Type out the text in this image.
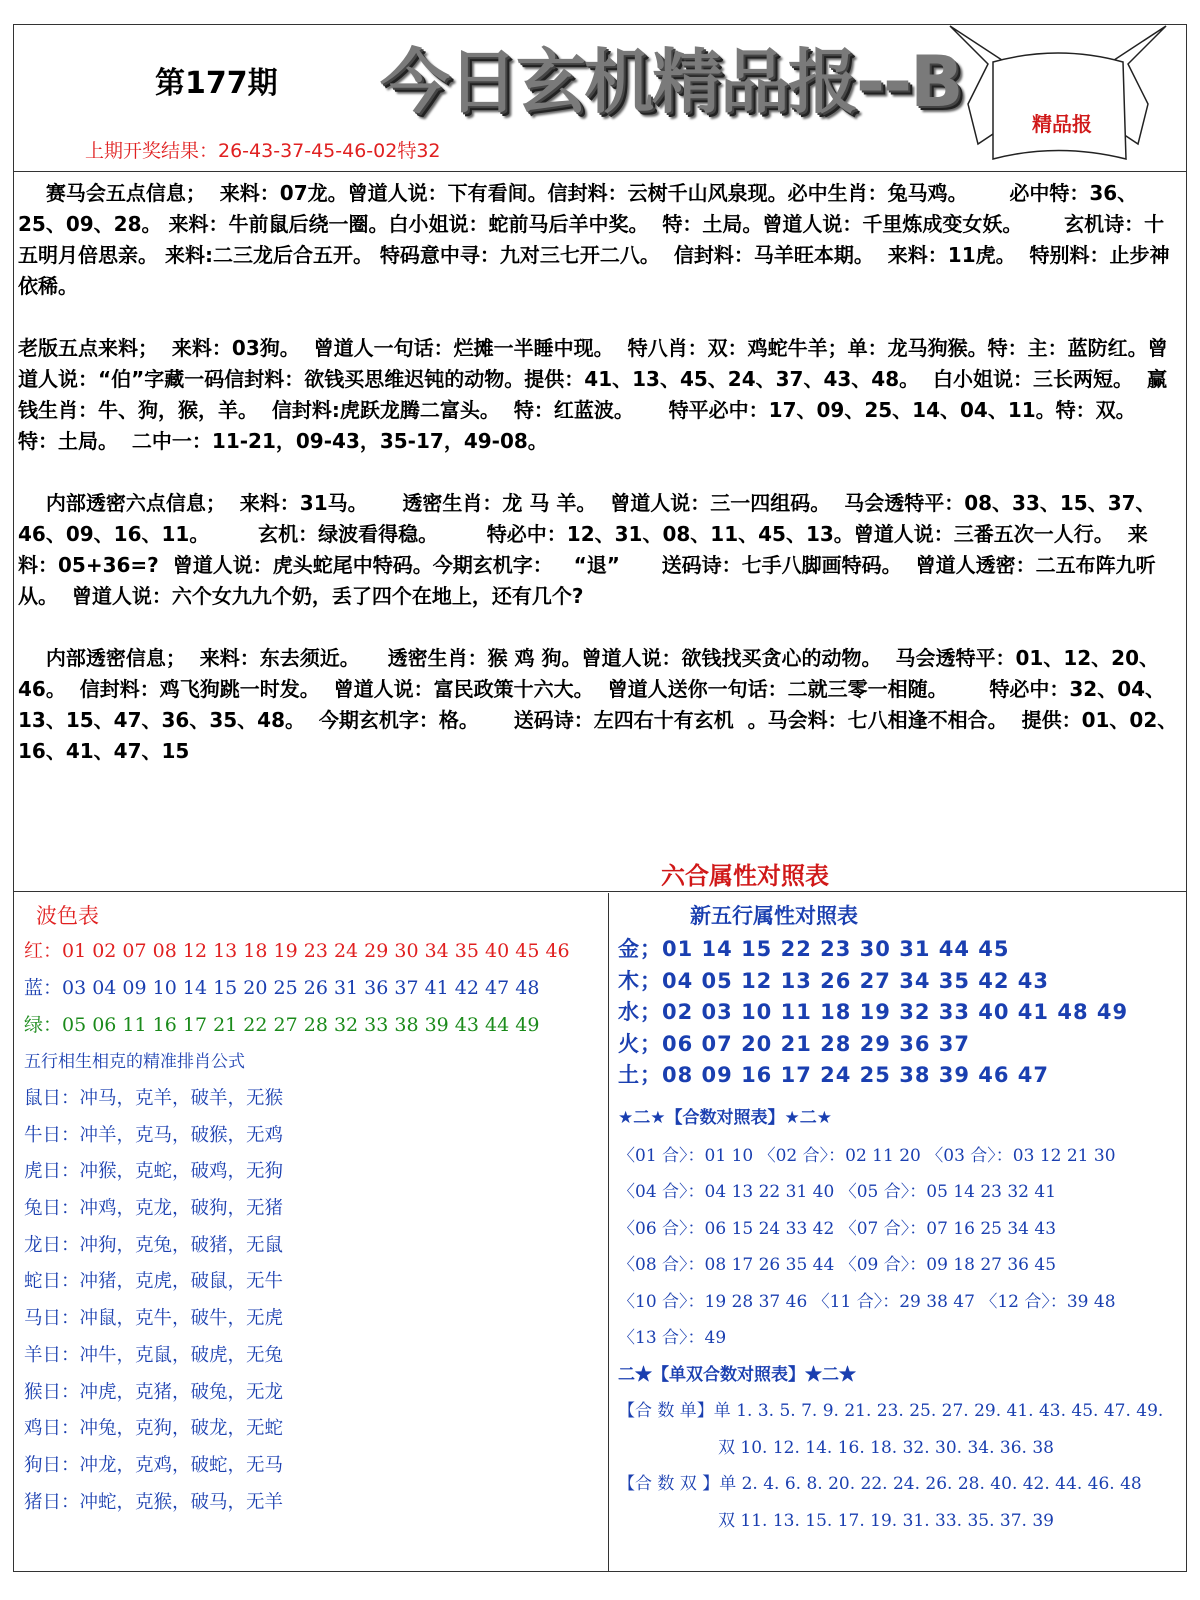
第177期 今日玄机精品报--B
精品报
上期开奖结果：26-43-37-45-46-02特32

赛马会五点信息；  来料：07龙。曾道人说：下有看间。信封料：云树千山风泉现。必中生肖：兔马鸡。      必中特：36、25、09、28。 来料：牛前鼠后绕一圈。白小姐说：蛇前马后羊中奖。  特：土局。曾道人说：千里炼成变女妖。      玄机诗：十五明月倍思亲。 来料:二三龙后合五开。 特码意中寻：九对三七开二八。  信封料：马羊旺本期。  来料：11虎。  特别料：止步神依稀。

老版五点来料；  来料：03狗。  曾道人一句话：烂摊一半睡中现。  特八肖：双：鸡蛇牛羊；单：龙马狗猴。特：主：蓝防红。曾道人说：“伯”字藏一码信封料：欲钱买思维迟钝的动物。提供：41、13、45、24、37、43、48。  白小姐说：三长两短。  赢钱生肖：牛、狗，猴，羊。  信封料:虎跃龙腾二富头。  特：红蓝波。     特平必中：17、09、25、14、04、11。特：双。  特：土局。  二中一：11-21，09-43，35-17，49-08。

内部透密六点信息；  来料：31马。     透密生肖：龙 马 羊。  曾道人说：三一四组码。  马会透特平：08、33、15、37、46、09、16、11。       玄机：绿波看得稳。       特必中：12、31、08、11、45、13。曾道人说：三番五次一人行。  来料：05+36=?  曾道人说：虎头蛇尾中特码。今期玄机字：   “退”      送码诗：七手八脚画特码。  曾道人透密：二五布阵九听从。  曾道人说：六个女九九个奶，丢了四个在地上，还有几个?

内部透密信息；  来料：东去须近。    透密生肖：猴 鸡 狗。曾道人说：欲钱找买贪心的动物。  马会透特平：01、12、20、46。  信封料：鸡飞狗跳一时发。  曾道人说：富民政策十六大。  曾道人送你一句话：二就三零一相随。      特必中：32、04、13、15、47、36、35、48。  今期玄机字：格。     送码诗：左四右十有玄机  。马会料：七八相逢不相合。  提供：01、02、16、41、47、15

六合属性对照表
波色表
红：01 02 07 08 12 13 18 19 23 24 29 30 34 35 40 45 46
蓝：03 04 09 10 14 15 20 25 26 31 36 37 41 42 47 48
绿：05 06 11 16 17 21 22 27 28 32 33 38 39 43 44 49
五行相生相克的精准排肖公式
鼠日：冲马，克羊，破羊，无猴
牛日：冲羊，克马，破猴，无鸡
虎日：冲猴，克蛇，破鸡，无狗
兔日：冲鸡，克龙，破狗，无猪
龙日：冲狗，克兔，破猪，无鼠
蛇日：冲猪，克虎，破鼠，无牛
马日：冲鼠，克牛，破牛，无虎
羊日：冲牛，克鼠，破虎，无兔
猴日：冲虎，克猪，破兔，无龙
鸡日：冲兔，克狗，破龙，无蛇
狗日：冲龙，克鸡，破蛇，无马
猪日：冲蛇，克猴，破马，无羊
新五行属性对照表
金；01 14 15 22 23 30 31 44 45
木；04 05 12 13 26 27 34 35 42 43
水；02 03 10 11 18 19 32 33 40 41 48 49
火；06 07 20 21 28 29 36 37
土；08 09 16 17 24 25 38 39 46 47
★二★【合数对照表】★二★
〈01 合〉：01 10 〈02 合〉：02 11 20 〈03 合〉：03 12 21 30
〈04 合〉：04 13 22 31 40 〈05 合〉：05 14 23 32 41
〈06 合〉：06 15 24 33 42 〈07 合〉：07 16 25 34 43
〈08 合〉：08 17 26 35 44 〈09 合〉：09 18 27 36 45
〈10 合〉：19 28 37 46 〈11 合〉：29 38 47 〈12 合〉：39 48
〈13 合〉：49
二★【单双合数对照表】★二★
【合 数 单】单 1. 3. 5. 7. 9. 21. 23. 25. 27. 29. 41. 43. 45. 47. 49.
双 10. 12. 14. 16. 18. 32. 30. 34. 36. 38
【合 数 双 】单 2. 4. 6. 8. 20. 22. 24. 26. 28. 40. 42. 44. 46. 48
双 11. 13. 15. 17. 19. 31. 33. 35. 37. 39
